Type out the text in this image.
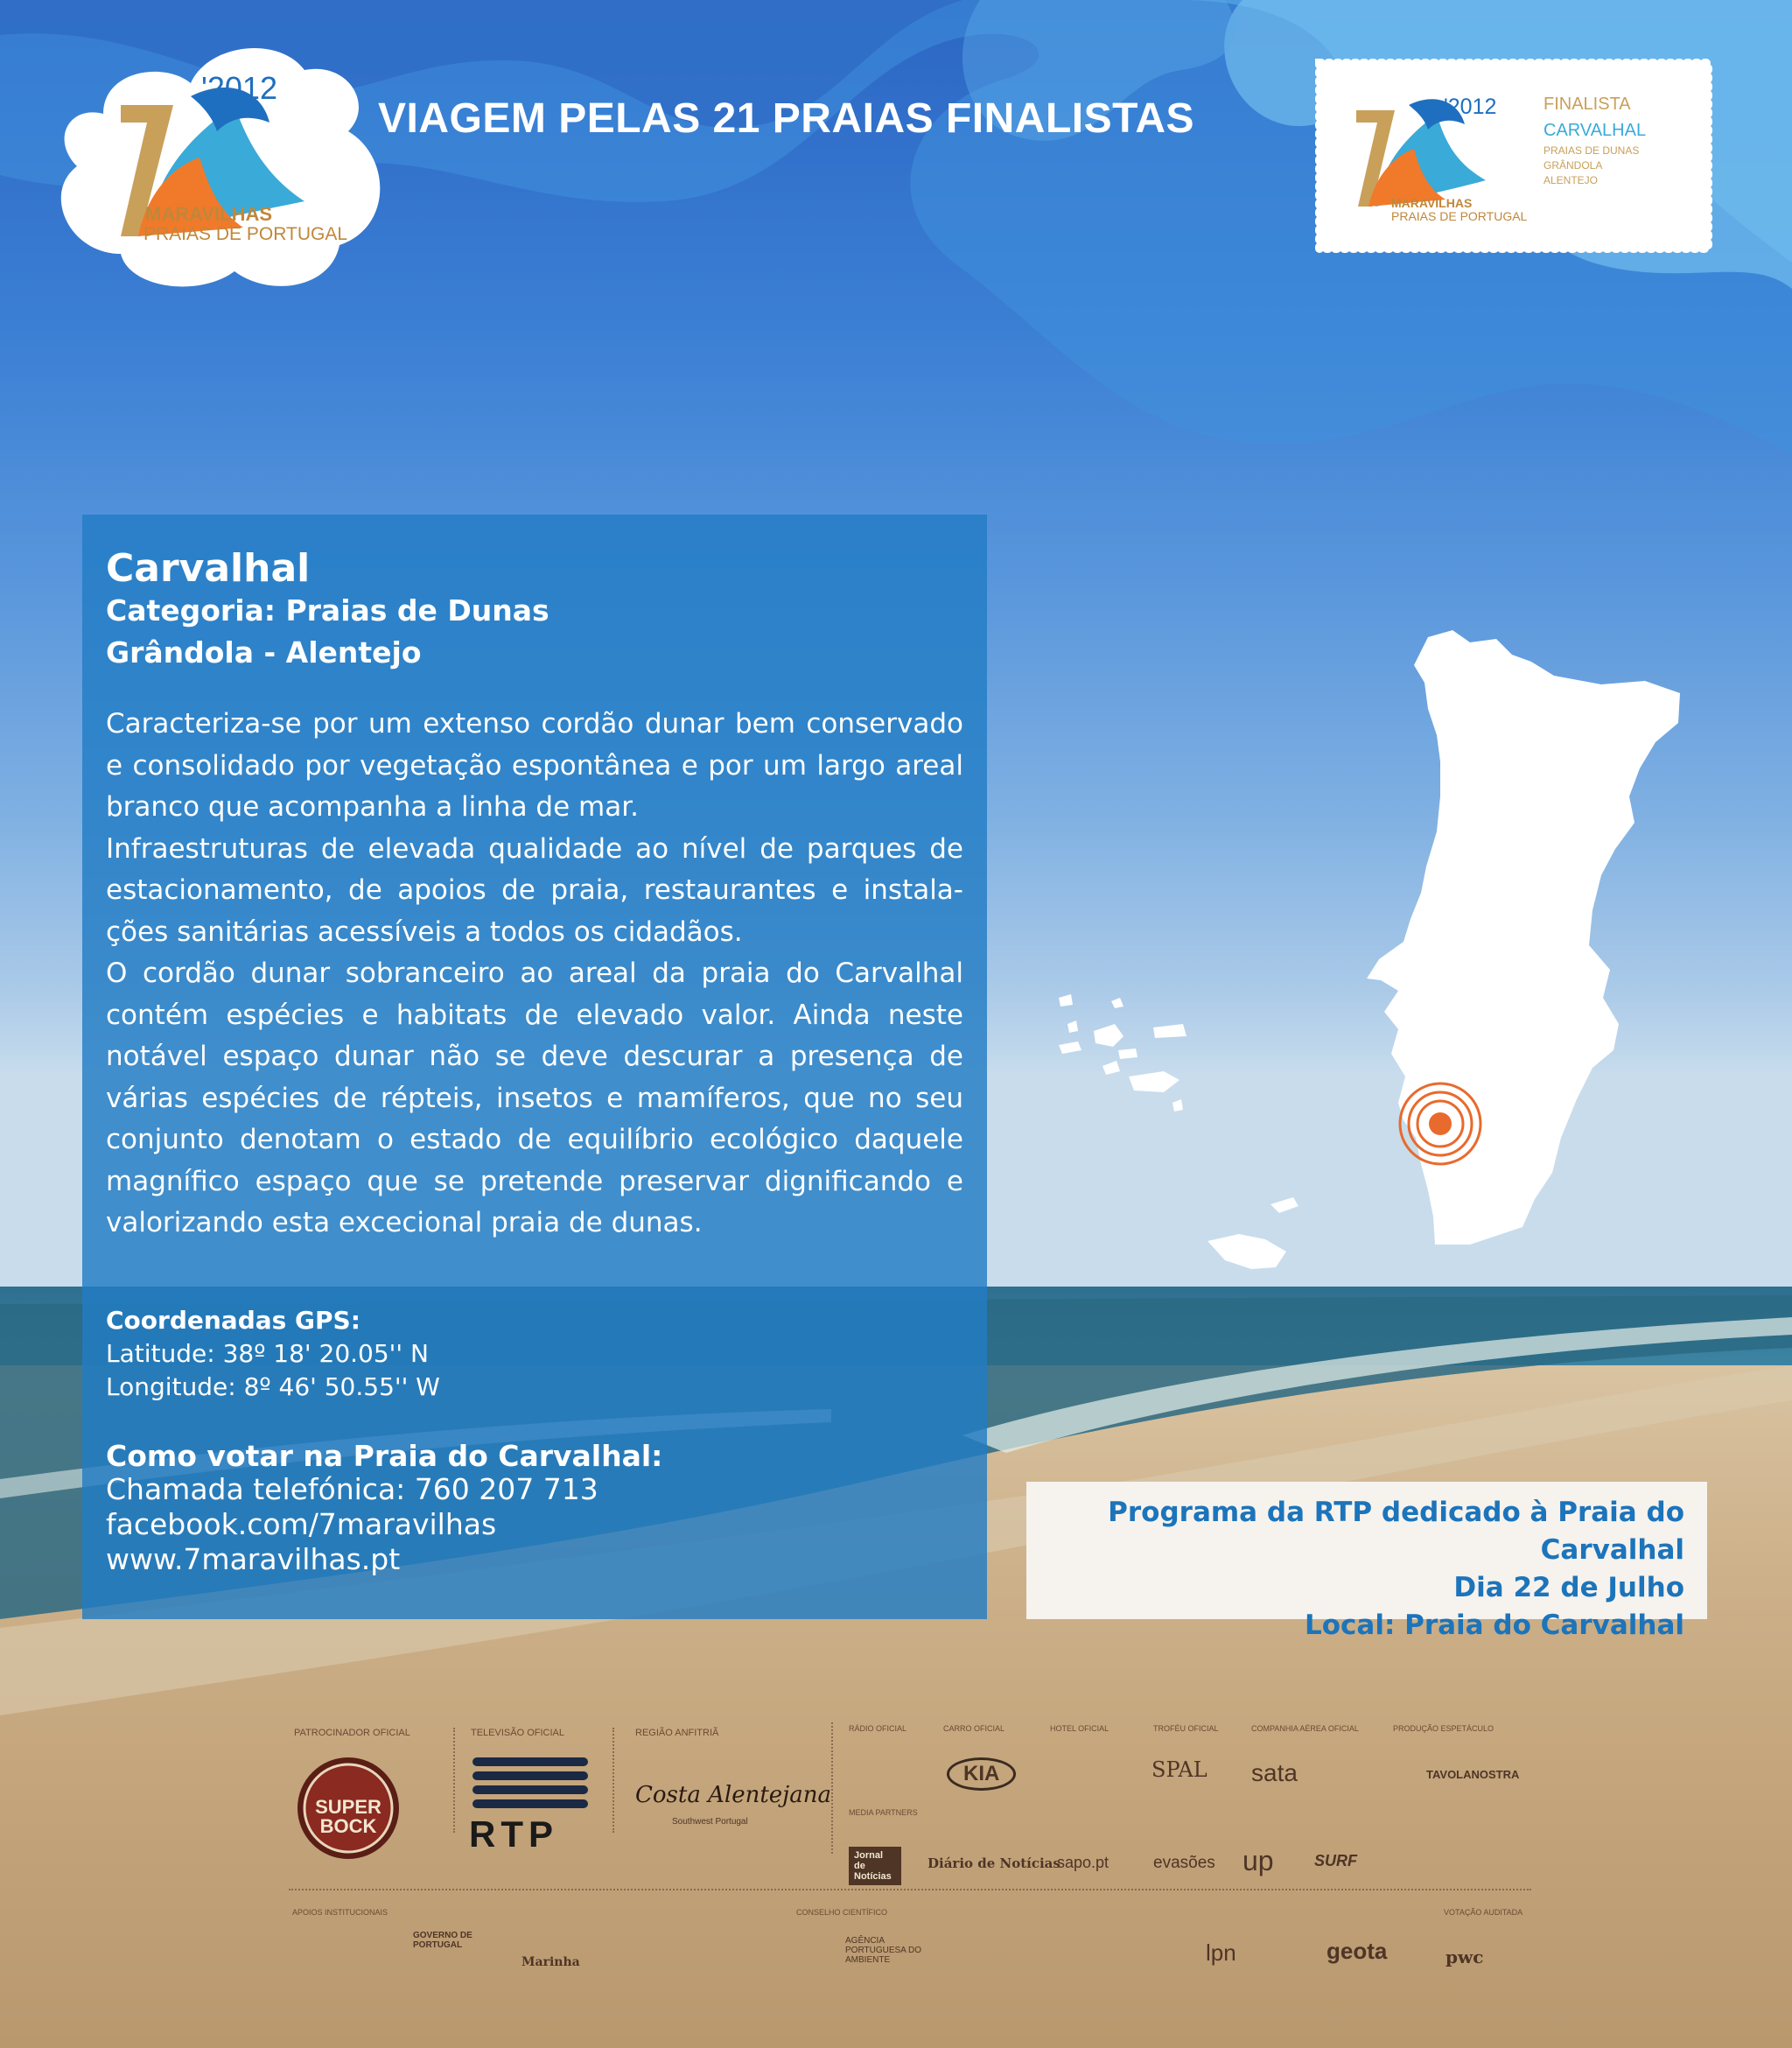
'2012
MARAVILHAS
PRAIAS DE PORTUGAL
VIAGEM PELAS 21 PRAIAS FINALISTAS	'2012
MARAVILHAS
PRAIAS DE PORTUGAL
FINALISTA
CARVALHAL
PRAIAS DE DUNAS
GRÂNDOLA
ALENTEJO
Carvalhal
Categoria: Praias de Dunas
Grândola - Alentejo

Caracteriza-se por um extenso cordão dunar bem conservado e consolidado por vegetação espontânea e por um largo areal branco que acompanha a linha de mar.

Infraestruturas de elevada qualidade ao nível de parques de estacionamento, de apoios de praia, restaurantes e instala-ções sanitárias acessíveis a todos os cidadãos.

O cordão dunar sobranceiro ao areal da praia do Carvalhal contém espécies e habitats de elevado valor. Ainda neste notável espaço dunar não se deve descurar a presença de várias espécies de répteis, insetos e mamíferos, que no seu conjunto denotam o estado de equilíbrio ecológico daquele magnífico espaço que se pretende preservar dignificando e valorizando esta excecional praia de dunas.

Coordenadas GPS:
Latitude: 38º 18' 20.05'' N
Longitude: 8º 46' 50.55'' W
Como votar na Praia do Carvalhal:
Chamada telefónica: 760 207 713
facebook.com/7maravilhas
www.7maravilhas.pt
Programa da RTP dedicado à Praia do Carvalhal
Dia 22 de Julho
Local: Praia do Carvalhal
PATROCINADOR OFICIAL	TELEVISÃO OFICIAL	REGIÃO ANFITRIÃ	RÁDIO OFICIAL	CARRO OFICIAL	HOTEL OFICIAL	TROFÉU OFICIAL	COMPANHIA AÉREA OFICIAL	PRODUÇÃO ESPETÁCULO
MEDIA PARTNERS
SUPER BOCK	RTP
Costa Alentejana
Southwest Portugal
KIA	SPAL sata	TAVOLANOSTRA
Jornal de Notícias
Diário de Notícias
sapo.pt	evasões up	SURF
APOIOS INSTITUCIONAIS	CONSELHO CIENTÍFICO	VOTAÇÃO AUDITADA
GOVERNO DE PORTUGAL
Marinha
AGÊNCIA PORTUGUESA DO AMBIENTE	lpn	geota	pwc
